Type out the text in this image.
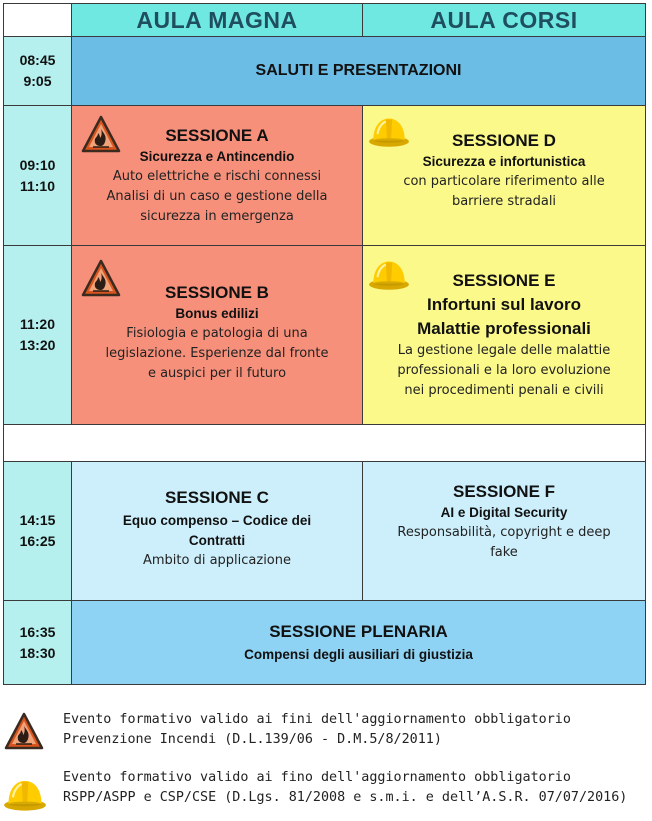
AULA MAGNA	AULA CORSI
08:45
9:05
SALUTI E PRESENTAZIONI
09:10
11:10
SESSIONE A
Sicurezza e Antincendio
Auto elettriche e rischi connessi
Analisi di un caso e gestione della
sicurezza in emergenza
SESSIONE D
Sicurezza e infortunistica
con particolare riferimento alle
barriere stradali
11:20
13:20
SESSIONE B
Bonus edilizi
Fisiologia e patologia di una
legislazione. Esperienze dal fronte
e auspici per il futuro
SESSIONE E
Infortuni sul lavoro
Malattie professionali
La gestione legale delle malattie
professionali e la loro evoluzione
nei procedimenti penali e civili
14:15
16:25
SESSIONE C
Equo compenso – Codice dei
Contratti
Ambito di applicazione
SESSIONE F
AI e Digital Security
Responsabilità, copyright e deep
fake
16:35
18:30
SESSIONE PLENARIA
Compensi degli ausiliari di giustizia
Evento formativo valido ai fini dell'aggiornamento obbligatorio
Prevenzione Incendi (D.L.139/06 - D.M.5/8/2011)
Evento formativo valido ai fino dell'aggiornamento obbligatorio
RSPP/ASPP e CSP/CSE (D.Lgs. 81/2008 e s.m.i. e dell’A.S.R. 07/07/2016)
